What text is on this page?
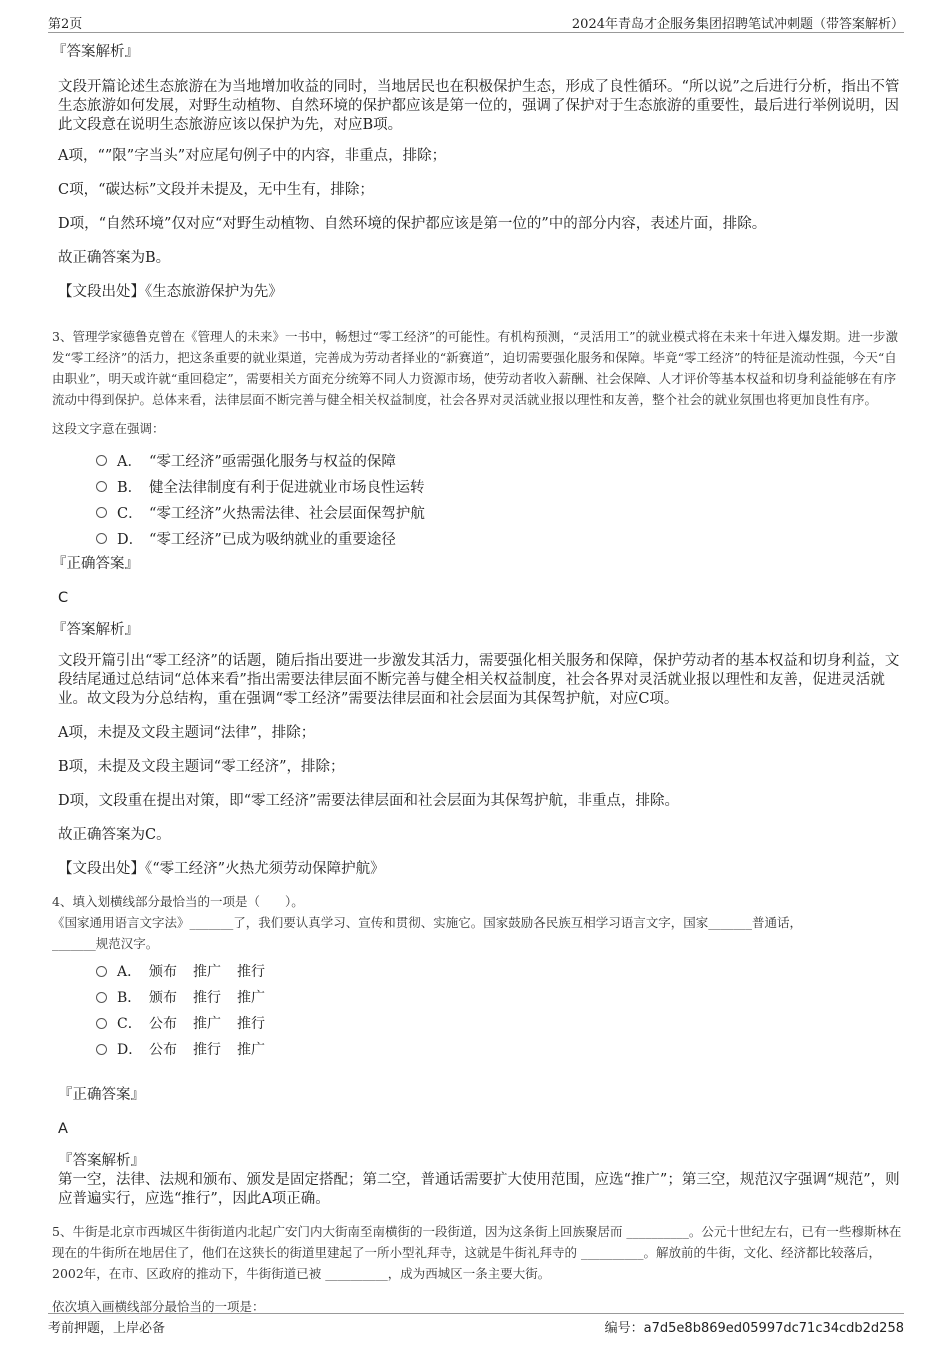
第2页	2024年青岛才企服务集团招聘笔试冲刺题（带答案解析）

『答案解析』

文段开篇论述生态旅游在为当地增加收益的同时，当地居民也在积极保护生态，形成了良性循环。“所以说”之后进行分析，指出不管生态旅游如何发展，对野生动植物、自然环境的保护都应该是第一位的，强调了保护对于生态旅游的重要性，最后进行举例说明，因此文段意在说明生态旅游应该以保护为先，对应B项。

A项，“”限”字当头”对应尾句例子中的内容，非重点，排除；

C项，“碳达标”文段并未提及，无中生有，排除；

D项，“自然环境”仅对应“对野生动植物、自然环境的保护都应该是第一位的”中的部分内容，表述片面，排除。

故正确答案为B。

【文段出处】《生态旅游保护为先》

3、管理学家德鲁克曾在《管理人的未来》一书中，畅想过“零工经济”的可能性。有机构预测，“灵活用工”的就业模式将在未来十年进入爆发期。进一步激发“零工经济”的活力，把这条重要的就业渠道，完善成为劳动者择业的“新赛道”，迫切需要强化服务和保障。毕竟“零工经济”的特征是流动性强，今天“自由职业”，明天或许就“重回稳定”，需要相关方面充分统筹不同人力资源市场，使劳动者收入薪酬、社会保障、人才评价等基本权益和切身利益能够在有序流动中得到保护。总体来看，法律层面不断完善与健全相关权益制度，社会各界对灵活就业报以理性和友善，整个社会的就业氛围也将更加良性有序。

这段文字意在强调：

A． “零工经济”亟需强化服务与权益的保障
B． 健全法律制度有利于促进就业市场良性运转
C． “零工经济”火热需法律、社会层面保驾护航
D． “零工经济”已成为吸纳就业的重要途径

『正确答案』

C

『答案解析』

文段开篇引出“零工经济”的话题，随后指出要进一步激发其活力，需要强化相关服务和保障，保护劳动者的基本权益和切身利益，文段结尾通过总结词“总体来看”指出需要法律层面不断完善与健全相关权益制度，社会各界对灵活就业报以理性和友善，促进灵活就业。故文段为分总结构，重在强调“零工经济”需要法律层面和社会层面为其保驾护航，对应C项。

A项，未提及文段主题词“法律”，排除；

B项，未提及文段主题词“零工经济”，排除；

D项，文段重在提出对策，即“零工经济”需要法律层面和社会层面为其保驾护航，非重点，排除。

故正确答案为C。

【文段出处】《“零工经济”火热尤须劳动保障护航》

4、填入划横线部分最恰当的一项是（　　）。

《国家通用语言文字法》_______了，我们要认真学习、宣传和贯彻、实施它。国家鼓励各民族互相学习语言文字，国家_______普通话，_______规范汉字。

A． 颁布 推广 推行
B． 颁布 推行 推广
C． 公布 推广 推行
D． 公布 推行 推广

『正确答案』

A

『答案解析』

第一空，法律、法规和颁布、颁发是固定搭配；第二空，普通话需要扩大使用范围，应选“推广”；第三空，规范汉字强调“规范”，则应普遍实行，应选“推行”，因此A项正确。

5、牛街是北京市西城区牛街街道内北起广安门内大街南至南横街的一段街道，因为这条街上回族聚居而 __________。公元十世纪左右，已有一些穆斯林在现在的牛街所在地居住了，他们在这狭长的街道里建起了一所小型礼拜寺，这就是牛街礼拜寺的 __________。解放前的牛街，文化、经济都比较落后，2002年，在市、区政府的推动下，牛街街道已被 __________，成为西城区一条主要大街。

依次填入画横线部分最恰当的一项是：

考前押题，上岸必备	编号：a7d5e8b869ed05997dc71c34cdb2d258
